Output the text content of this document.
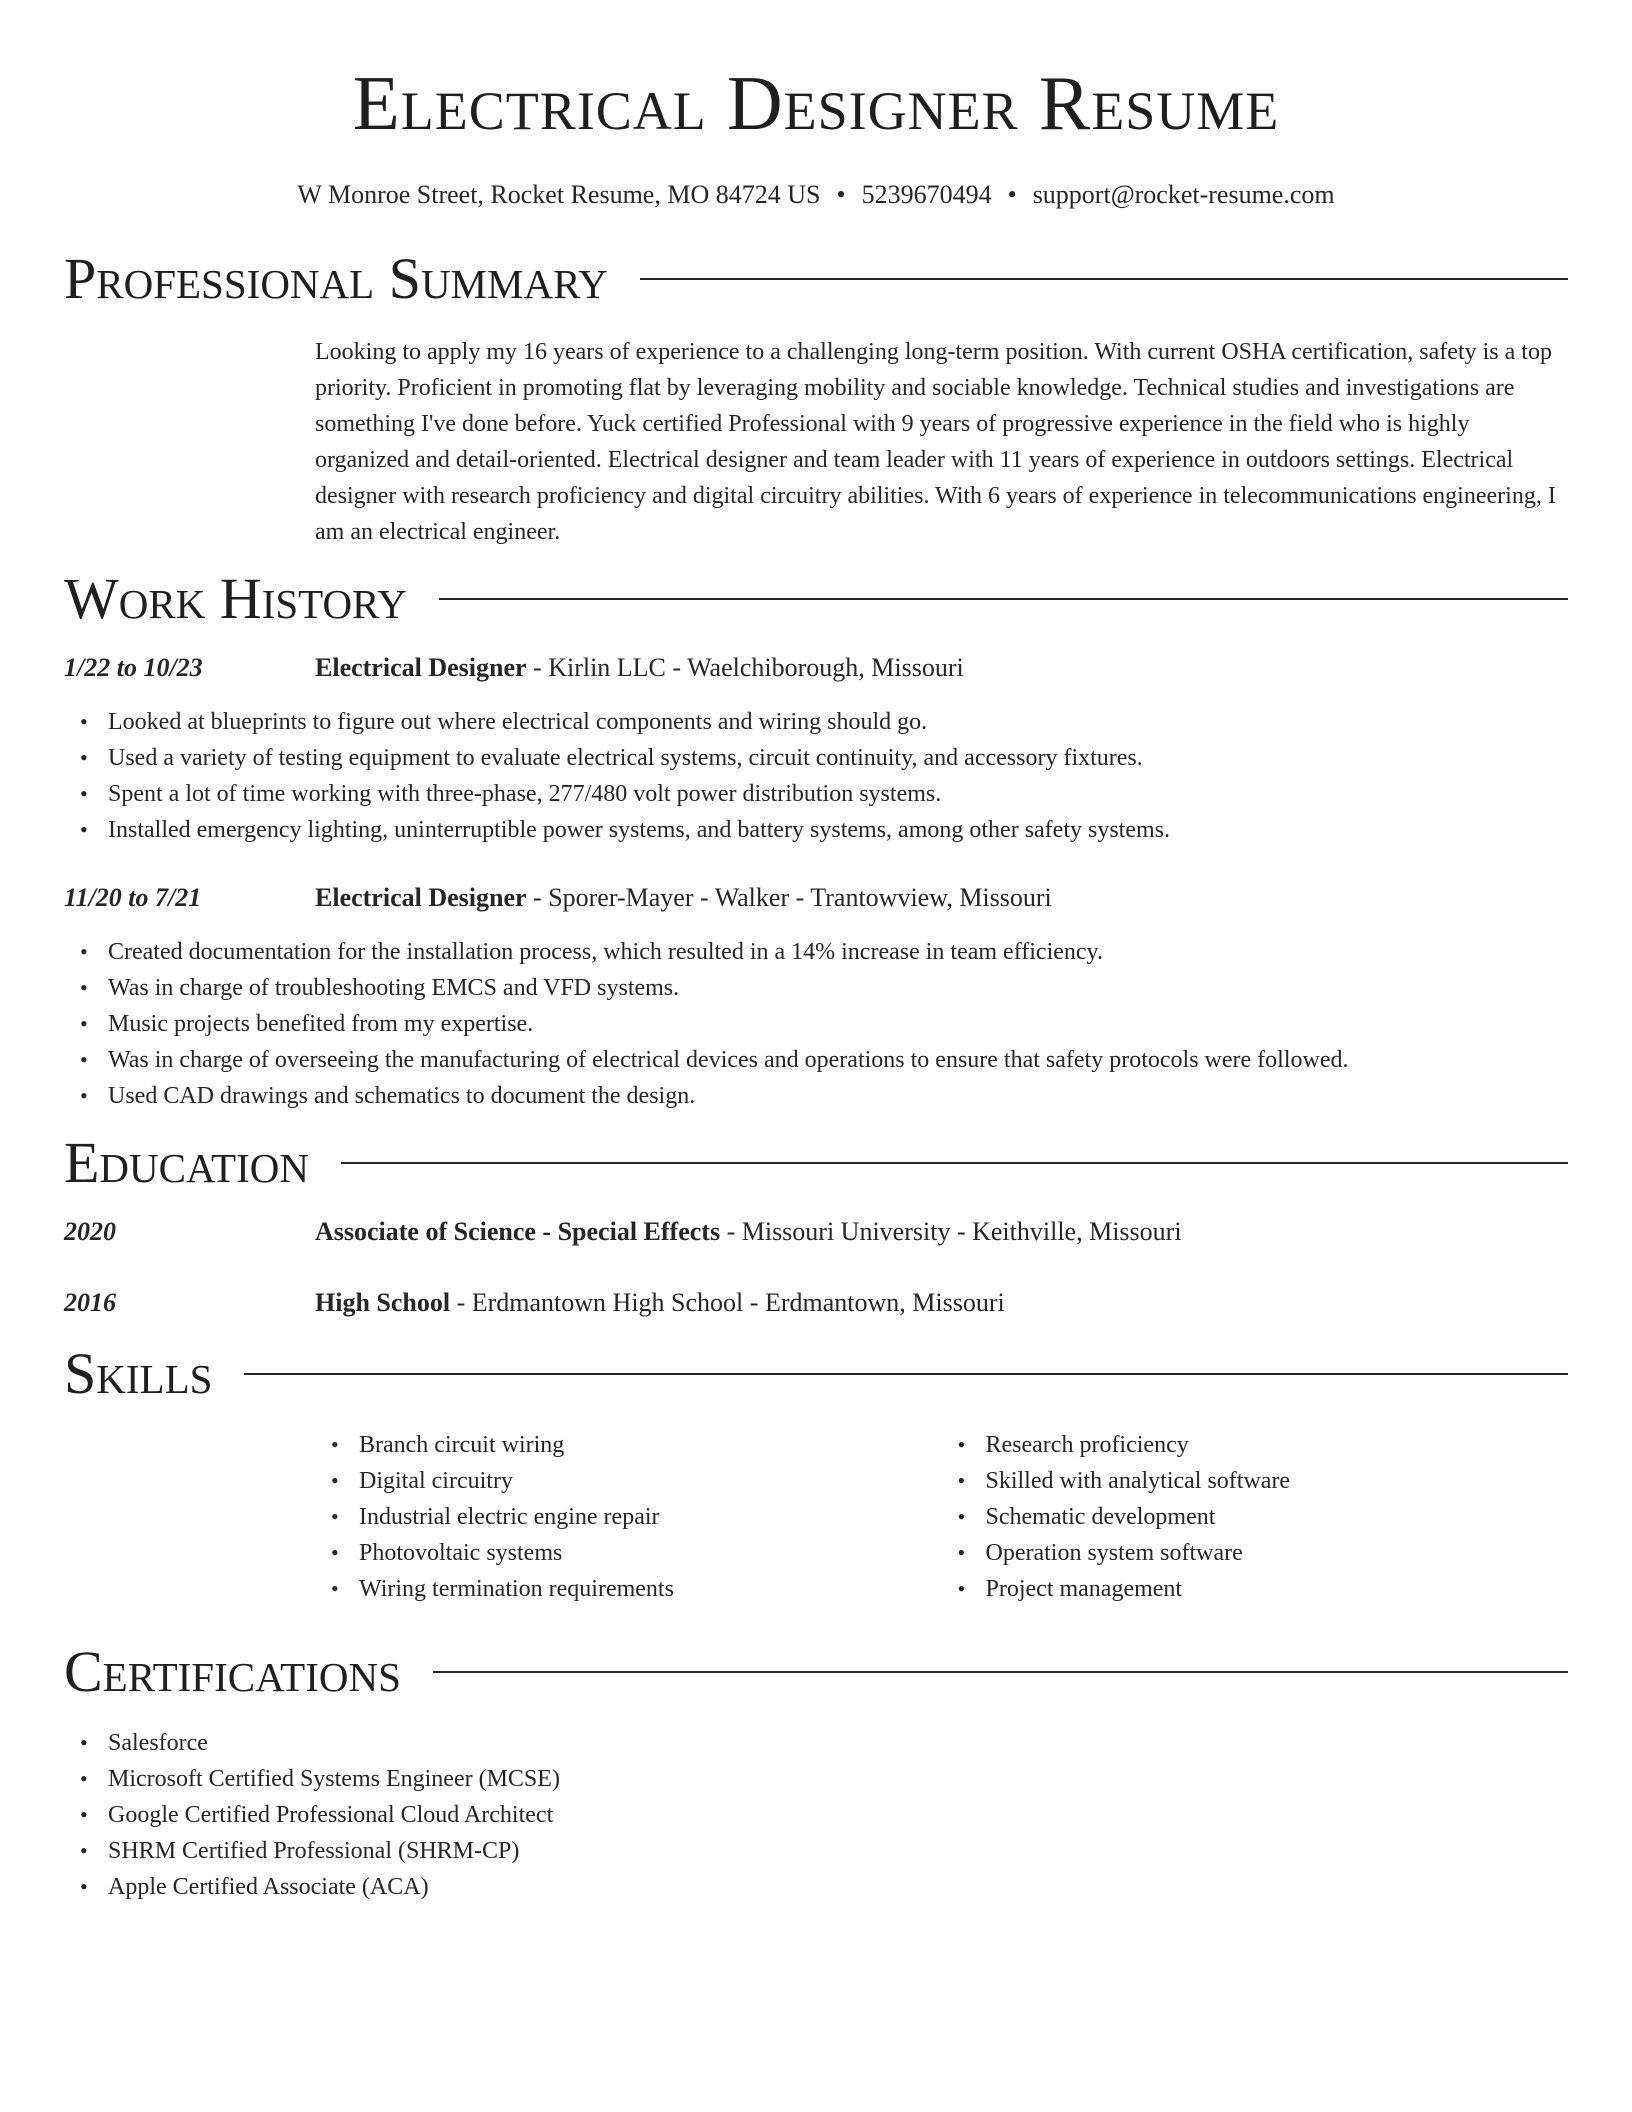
Electrical Designer Resume
W Monroe Street, Rocket Resume, MO 84724 US • 5239670494 • support@rocket-resume.com
Professional Summary
Looking to apply my 16 years of experience to a challenging long-term position. With current OSHA certification, safety is a top priority. Proficient in promoting flat by leveraging mobility and sociable knowledge. Technical studies and investigations are something I've done before. Yuck certified Professional with 9 years of progressive experience in the field who is highly organized and detail-oriented. Electrical designer and team leader with 11 years of experience in outdoors settings. Electrical designer with research proficiency and digital circuitry abilities. With 6 years of experience in telecommunications engineering, I am an electrical engineer.
Work History
1/22 to 10/23	Electrical Designer - Kirlin LLC - Waelchiborough, Missouri
• Looked at blueprints to figure out where electrical components and wiring should go.
• Used a variety of testing equipment to evaluate electrical systems, circuit continuity, and accessory fixtures.
• Spent a lot of time working with three-phase, 277/480 volt power distribution systems.
• Installed emergency lighting, uninterruptible power systems, and battery systems, among other safety systems.
11/20 to 7/21	Electrical Designer - Sporer-Mayer - Walker - Trantowview, Missouri
• Created documentation for the installation process, which resulted in a 14% increase in team efficiency.
• Was in charge of troubleshooting EMCS and VFD systems.
• Music projects benefited from my expertise.
• Was in charge of overseeing the manufacturing of electrical devices and operations to ensure that safety protocols were followed.
• Used CAD drawings and schematics to document the design.
Education
2020	Associate of Science - Special Effects - Missouri University - Keithville, Missouri
2016	High School - Erdmantown High School - Erdmantown, Missouri
Skills
• Branch circuit wiring
• Digital circuitry
• Industrial electric engine repair
• Photovoltaic systems
• Wiring termination requirements
• Research proficiency
• Skilled with analytical software
• Schematic development
• Operation system software
• Project management
Certifications
• Salesforce
• Microsoft Certified Systems Engineer (MCSE)
• Google Certified Professional Cloud Architect
• SHRM Certified Professional (SHRM-CP)
• Apple Certified Associate (ACA)
